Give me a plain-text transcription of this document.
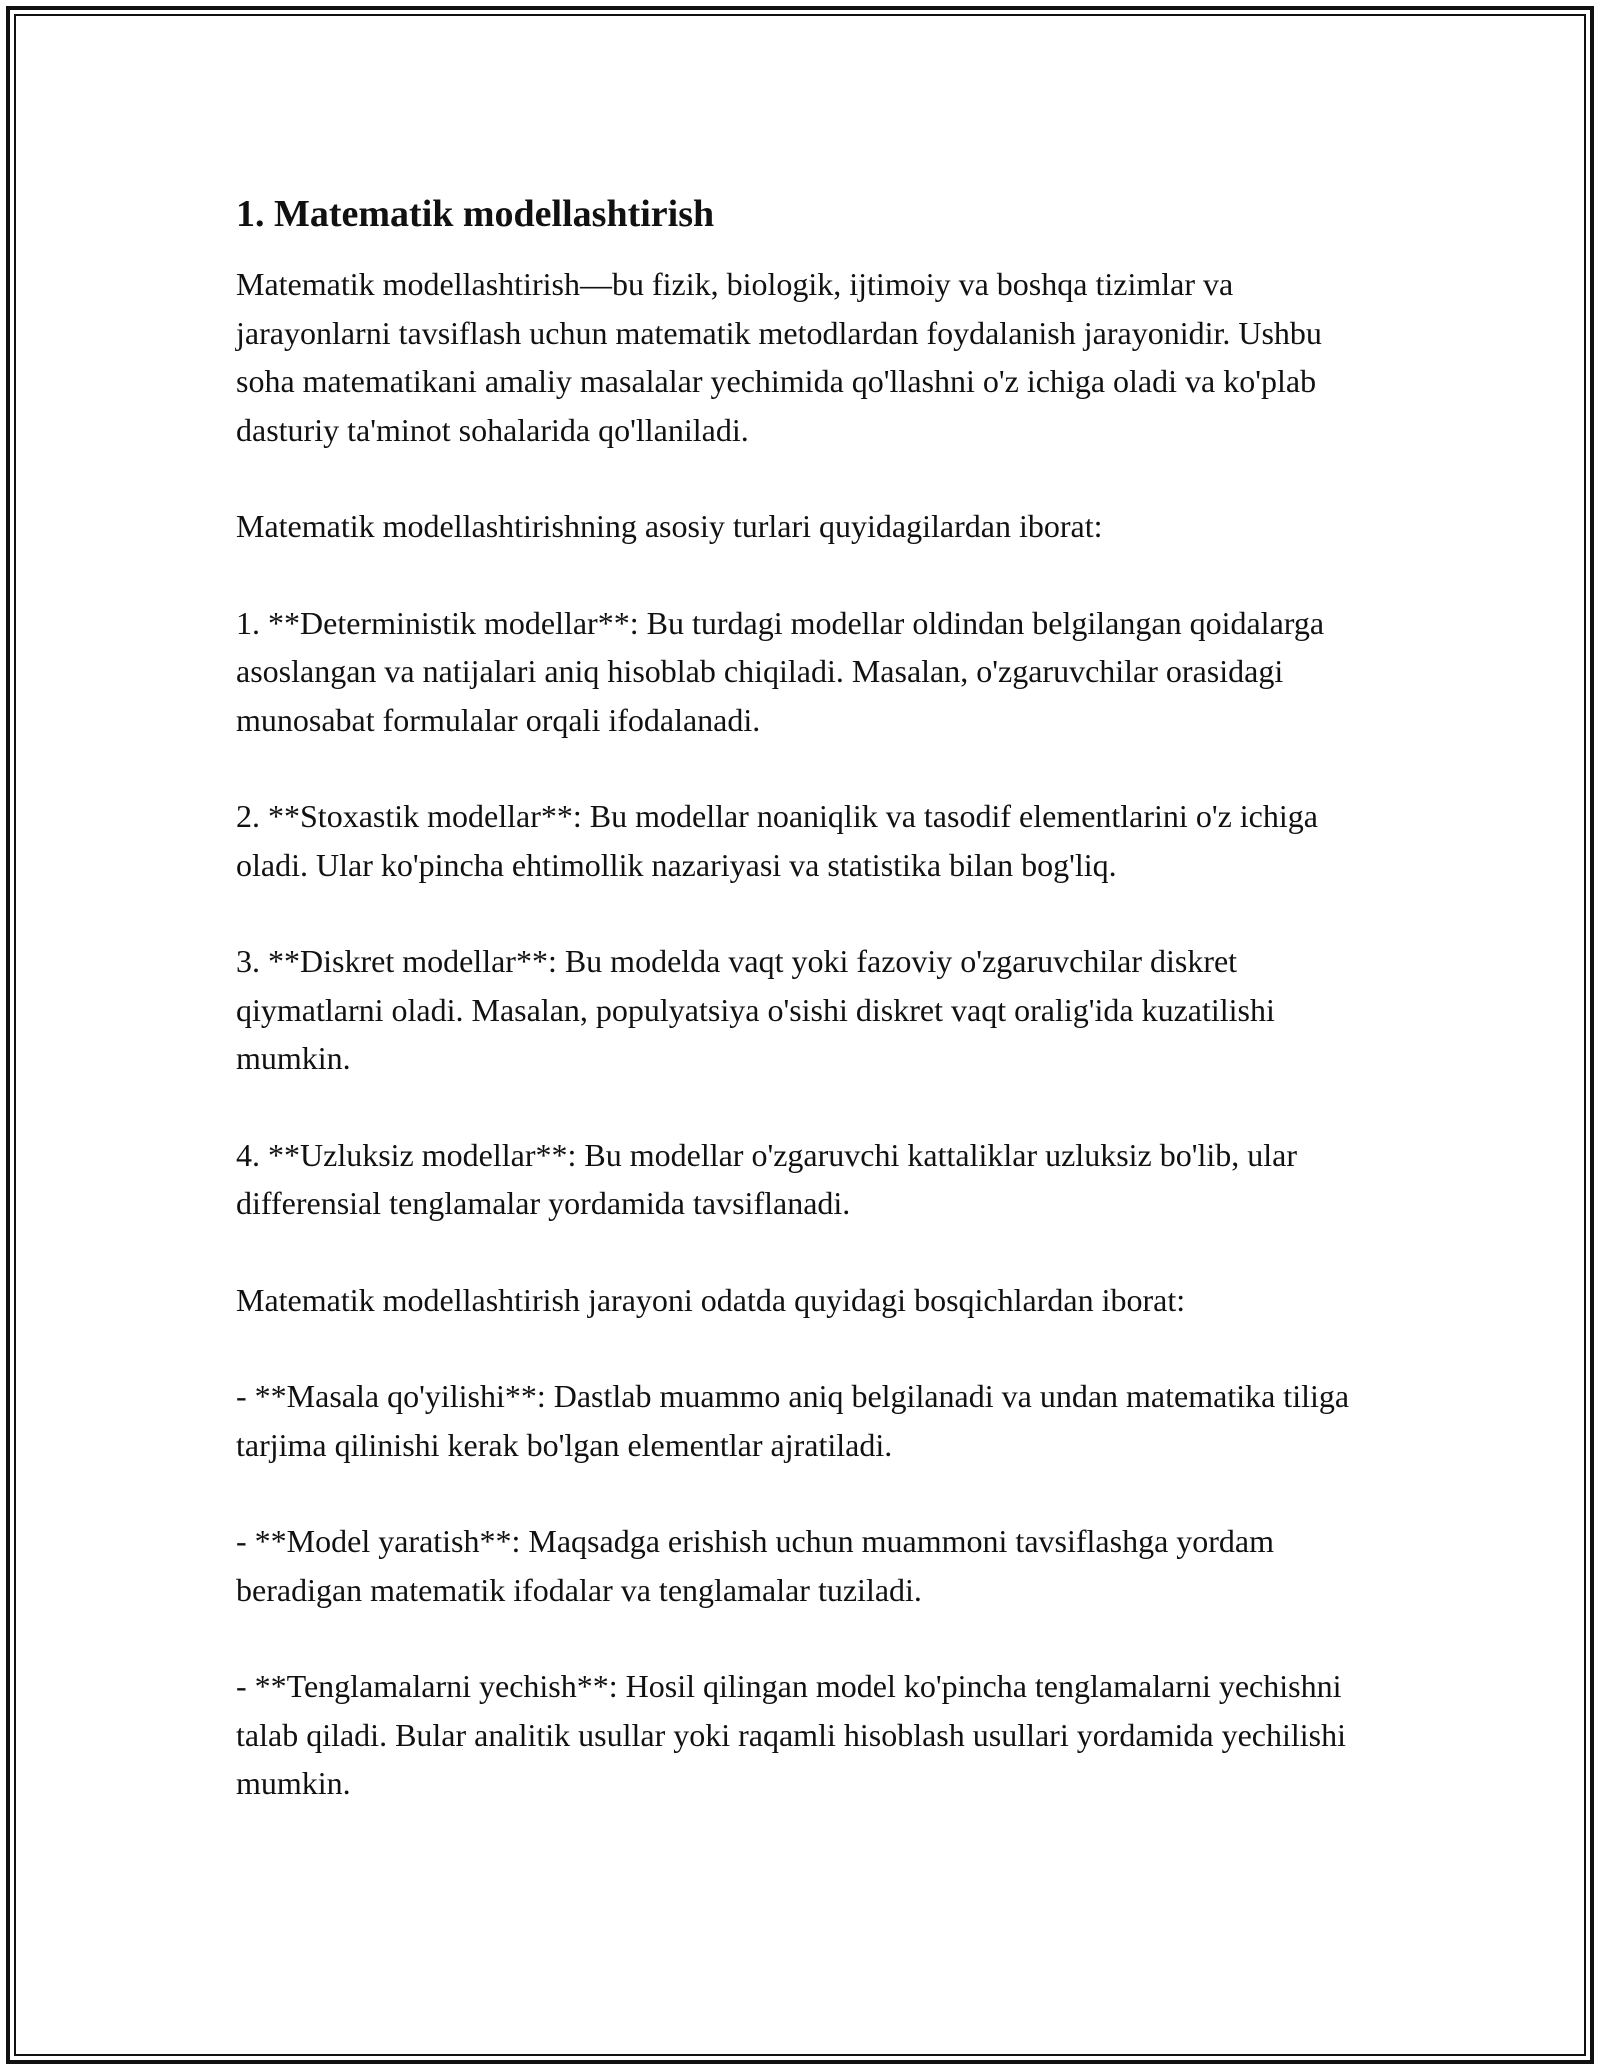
1. Matematik modellashtirish

Matematik modellashtirish—bu fizik, biologik, ijtimoiy va boshqa tizimlar va jarayonlarni tavsiflash uchun matematik metodlardan foydalanish jarayonidir. Ushbu soha matematikani amaliy masalalar yechimida qo'llashni o'z ichiga oladi va ko'plab dasturiy ta'minot sohalarida qo'llaniladi.

Matematik modellashtirishning asosiy turlari quyidagilardan iborat:

1. **Deterministik modellar**: Bu turdagi modellar oldindan belgilangan qoidalarga asoslangan va natijalari aniq hisoblab chiqiladi. Masalan, o'zgaruvchilar orasidagi munosabat formulalar orqali ifodalanadi.

2. **Stoxastik modellar**: Bu modellar noaniqlik va tasodif elementlarini o'z ichiga oladi. Ular ko'pincha ehtimollik nazariyasi va statistika bilan bog'liq.

3. **Diskret modellar**: Bu modelda vaqt yoki fazoviy o'zgaruvchilar diskret qiymatlarni oladi. Masalan, populyatsiya o'sishi diskret vaqt oralig'ida kuzatilishi mumkin.

4. **Uzluksiz modellar**: Bu modellar o'zgaruvchi kattaliklar uzluksiz bo'lib, ular differensial tenglamalar yordamida tavsiflanadi.

Matematik modellashtirish jarayoni odatda quyidagi bosqichlardan iborat:

- **Masala qo'yilishi**: Dastlab muammo aniq belgilanadi va undan matematika tiliga tarjima qilinishi kerak bo'lgan elementlar ajratiladi.

- **Model yaratish**: Maqsadga erishish uchun muammoni tavsiflashga yordam beradigan matematik ifodalar va tenglamalar tuziladi.

- **Tenglamalarni yechish**: Hosil qilingan model ko'pincha tenglamalarni yechishni talab qiladi. Bular analitik usullar yoki raqamli hisoblash usullari yordamida yechilishi mumkin.
